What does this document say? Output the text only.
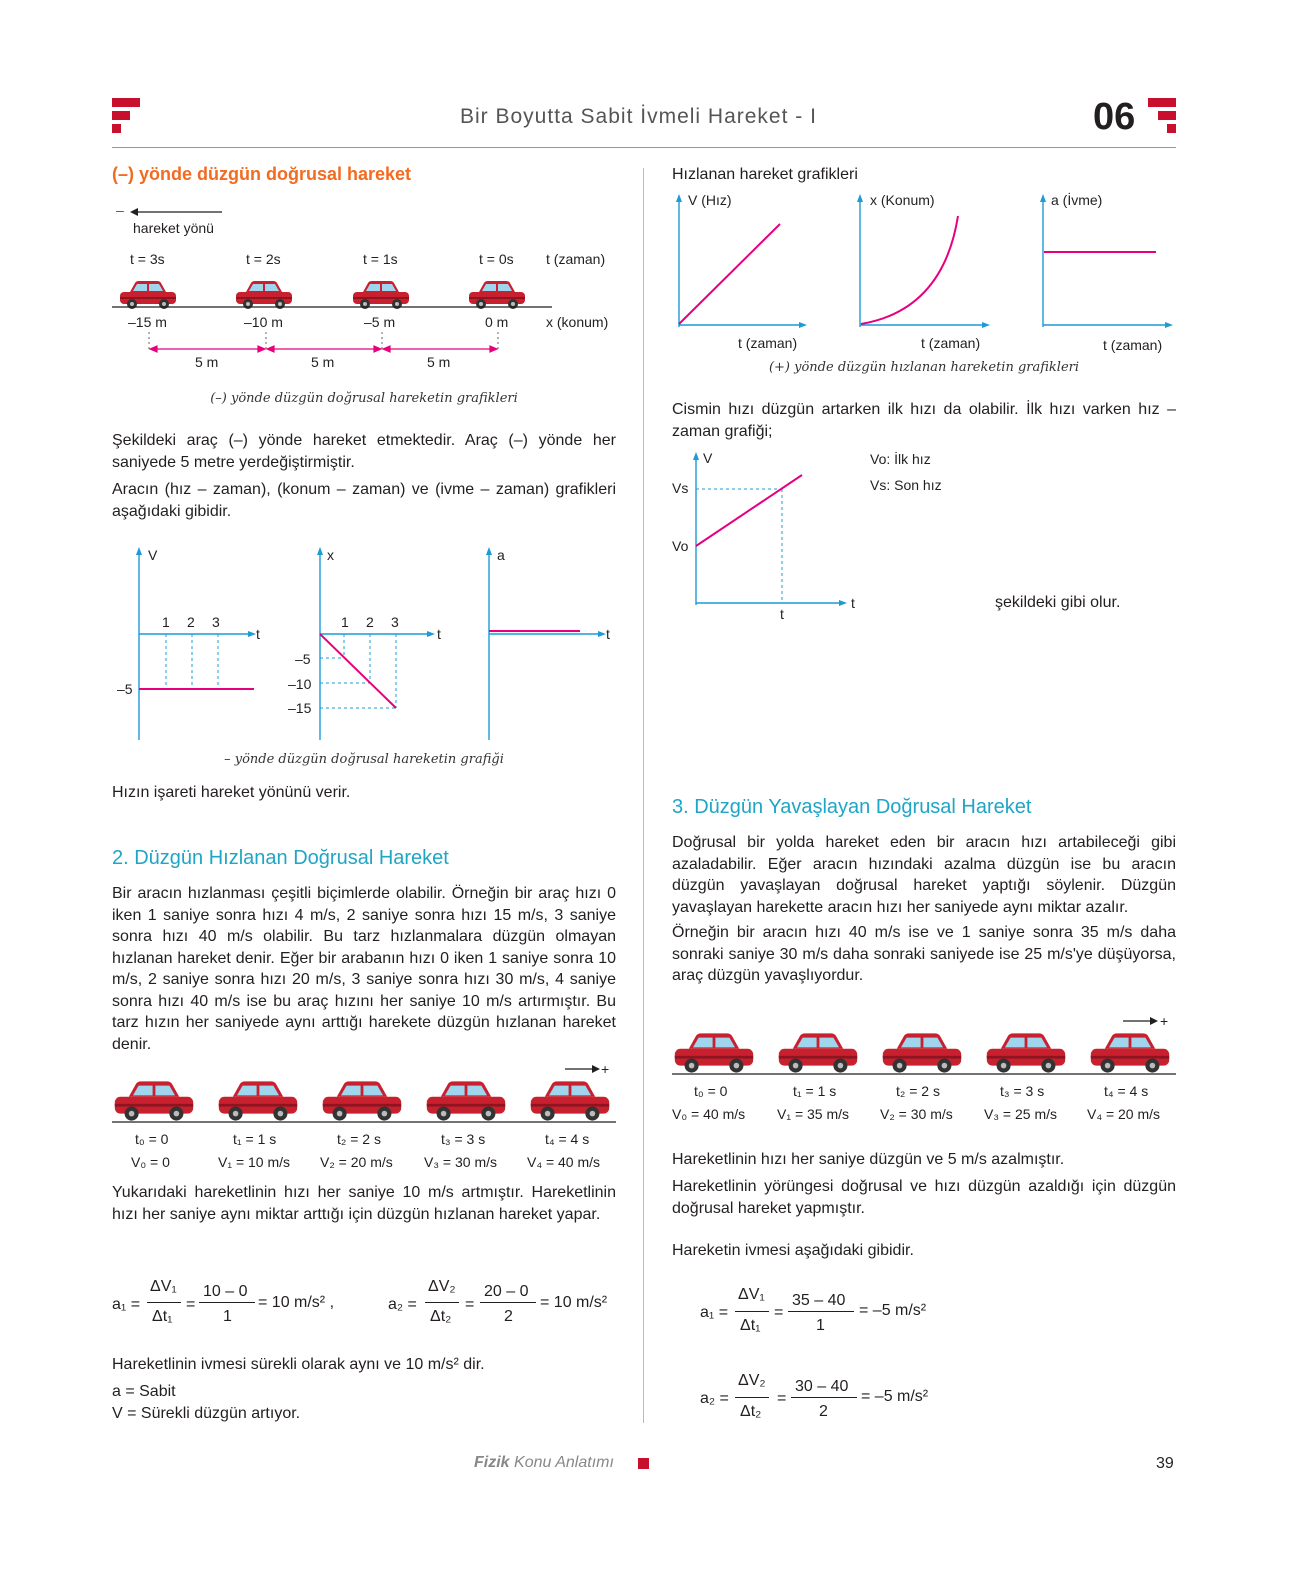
Bir Boyutta Sabit İvmeli Hareket - I	06
(–) yönde düzgün doğrusal hareket
–
hareket yönü
t = 3s	t = 2s	t = 1s	t = 0s t (zaman)
–15 m	–10 m	–5 m	0 m	x (konum)
5 m	5 m	5 m
(–) yönde düzgün doğrusal hareketin grafikleri
Şekildeki araç (–) yönde hareket etmektedir. Araç (–) yönde her saniyede 5 metre yerdeğiştirmiştir.
Aracın (hız – zaman), (konum – zaman) ve (ivme – zaman) grafikleri aşağıdaki gibidir.
V
t
1 2 3
–5
x
t
1 2 3
–5
–10
–15
a
t
– yönde düzgün doğrusal hareketin grafiği
Hızın işareti hareket yönünü verir.
2. Düzgün Hızlanan Doğrusal Hareket
Bir aracın hızlanması çeşitli biçimlerde olabilir. Örneğin bir araç hızı 0 iken 1 saniye sonra hızı 4 m/s, 2 saniye sonra hızı 15 m/s, 3 saniye sonra hızı 40 m/s olabilir. Bu tarz hızlanmalara düzgün olmayan hızlanan hareket denir. Eğer bir arabanın hızı 0 iken 1 saniye sonra 10 m/s, 2 saniye sonra hızı 20 m/s, 3 saniye sonra hızı 30 m/s, 4 saniye sonra hızı 40 m/s ise bu araç hızını her saniye 10 m/s artırmıştır. Bu tarz hızın her saniyede aynı arttığı harekete düzgün hızlanan hareket denir.
+
t₀ = 0	t₁ = 1 s	t₂ = 2 s	t₃ = 3 s	t₄ = 4 s
V₀ = 0	V₁ = 10 m/s V₂ = 20 m/s V₃ = 30 m/s V₄ = 40 m/s
Yukarıdaki hareketlinin hızı her saniye 10 m/s artmıştır. Hareketlinin hızı her saniye aynı miktar arttığı için düzgün hızlanan hareket yapar.
a₁ =
ΔV₁
Δt₁
=
10 – 0
1
= 10 m/s² ,	a₂ =
ΔV₂
Δt₂
=
20 – 0
2
= 10 m/s²
Hareketlinin ivmesi sürekli olarak aynı ve 10 m/s² dir.
a = Sabit
V = Sürekli düzgün artıyor.
Hızlanan hareket grafikleri
V (Hız)
t (zaman)
x (Konum)
t (zaman)
a (İvme)
t (zaman)
(+) yönde düzgün hızlanan hareketin grafikleri
Cismin hızı düzgün artarken ilk hızı da olabilir. İlk hızı varken hız – zaman grafiği;
V
Vs
Vo
t
t
Vo: İlk hız
Vs: Son hız
şekildeki gibi olur.
3. Düzgün Yavaşlayan Doğrusal Hareket
Doğrusal bir yolda hareket eden bir aracın hızı artabileceği gibi azaladabilir. Eğer aracın hızındaki azalma düzgün ise bu aracın düzgün yavaşlayan doğrusal hareket yaptığı söylenir. Düzgün yavaşlayan harekette aracın hızı her saniyede aynı miktar azalır.
Örneğin bir aracın hızı 40 m/s ise ve 1 saniye sonra 35 m/s daha sonraki saniye 30 m/s daha sonraki saniyede ise 25 m/s'ye düşüyorsa, araç düzgün yavaşlıyordur.
+
t₀ = 0	t₁ = 1 s	t₂ = 2 s	t₃ = 3 s	t₄ = 4 s
V₀ = 40 m/s V₁ = 35 m/s V₂ = 30 m/s V₃ = 25 m/s V₄ = 20 m/s
Hareketlinin hızı her saniye düzgün ve 5 m/s azalmıştır.
Hareketlinin yörüngesi doğrusal ve hızı düzgün azaldığı için düzgün doğrusal hareket yapmıştır.
Hareketin ivmesi aşağıdaki gibidir.
a₁ =
ΔV₁
Δt₁
=
35 – 40
1
= –5 m/s²
a₂ =
ΔV₂
Δt₂
=
30 – 40
2
= –5 m/s²
Fizik Konu Anlatımı	39
